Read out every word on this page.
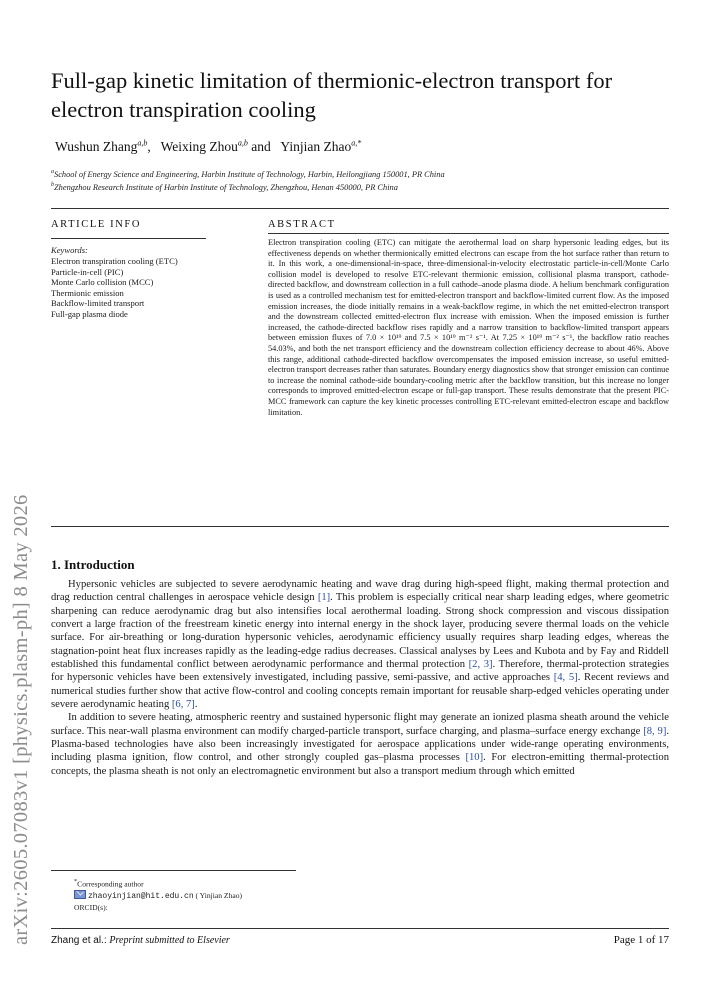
arXiv:2605.07083v1 [physics.plasm-ph] 8 May 2026
Full-gap kinetic limitation of thermionic-electron transport for electron transpiration cooling
Wushun Zhang$^{a,b}$,   Weixing Zhou$^{a,b}$ and   Yinjian Zhao$^{a,*}$
$^a$School of Energy Science and Engineering, Harbin Institute of Technology, Harbin, Heilongjiang 150001, PR China
$^b$Zhengzhou Research Institute of Harbin Institute of Technology, Zhengzhou, Henan 450000, PR China
ARTICLE INFO	ABSTRACT
Keywords:
Electron transpiration cooling (ETC)
Particle-in-cell (PIC)
Monte Carlo collision (MCC)
Thermionic emission
Backflow-limited transport
Full-gap plasma diode
Electron transpiration cooling (ETC) can mitigate the aerothermal load on sharp hypersonic leading edges, but its effectiveness depends on whether thermionically emitted electrons can escape from the hot surface rather than return to it. In this work, a one-dimensional-in-space, three-dimensional-in-velocity electrostatic particle-in-cell/Monte Carlo collision model is developed to resolve ETC-relevant thermionic emission, collisional plasma transport, cathode-directed backflow, and downstream collection in a full cathode–anode plasma diode. A helium benchmark configuration is used as a controlled mechanism test for emitted-electron transport and backflow-limited current flow. As the imposed emission increases, the diode initially remains in a weak-backflow regime, in which the net emitted-electron transport and the downstream collected emitted-electron flux increase with emission. When the imposed emission is further increased, the cathode-directed backflow rises rapidly and a narrow transition to backflow-limited transport appears between emission fluxes of 7.0 × 10¹⁹ and 7.5 × 10¹⁹ m⁻² s⁻¹. At 7.25 × 10¹⁹ m⁻² s⁻¹, the backflow ratio reaches 54.03%, and both the net transport efficiency and the downstream collection efficiency decrease to about 46%. Above this range, additional cathode-directed backflow overcompensates the imposed emission increase, so useful emitted-electron transport decreases rather than saturates. Boundary energy diagnostics show that stronger emission can continue to increase the nominal cathode-side boundary-cooling metric after the backflow transition, but this increase no longer corresponds to improved emitted-electron escape or full-gap transport. These results demonstrate that the present PIC-MCC framework can capture the key kinetic processes controlling ETC-relevant emitted-electron escape and backflow limitation.
1. Introduction

Hypersonic vehicles are subjected to severe aerodynamic heating and wave drag during high-speed flight, making thermal protection and drag reduction central challenges in aerospace vehicle design [1]. This problem is especially critical near sharp leading edges, where geometric sharpening can reduce aerodynamic drag but also intensifies local aerothermal loading. Strong shock compression and viscous dissipation convert a large fraction of the freestream kinetic energy into internal energy in the shock layer, producing severe thermal loads on the vehicle surface. For air-breathing or long-duration hypersonic vehicles, aerodynamic efficiency usually requires sharp leading edges, whereas the stagnation-point heat flux increases rapidly as the leading-edge radius decreases. Classical analyses by Lees and Kubota and by Fay and Riddell established this fundamental conflict between aerodynamic performance and thermal protection [2, 3]. Therefore, thermal-protection strategies for hypersonic vehicles have been extensively investigated, including passive, semi-passive, and active approaches [4, 5]. Recent reviews and numerical studies further show that active flow-control and cooling concepts remain important for reusable sharp-edged vehicles operating under severe aerodynamic heating [6, 7].

In addition to severe heating, atmospheric reentry and sustained hypersonic flight may generate an ionized plasma sheath around the vehicle surface. This near-wall plasma environment can modify charged-particle transport, surface charging, and plasma–surface energy exchange [8, 9]. Plasma-based technologies have also been increasingly investigated for aerospace applications under wide-range operating environments, including plasma ignition, flow control, and other strongly coupled gas–plasma processes [10]. For electron-emitting thermal-protection concepts, the plasma sheath is not only an electromagnetic environment but also a transport medium through which emitted

*Corresponding author
zhaoyinjian@hit.edu.cn ( Yinjian Zhao)
ORCID(s):
Zhang et al.: Preprint submitted to Elsevier	Page 1 of 17
